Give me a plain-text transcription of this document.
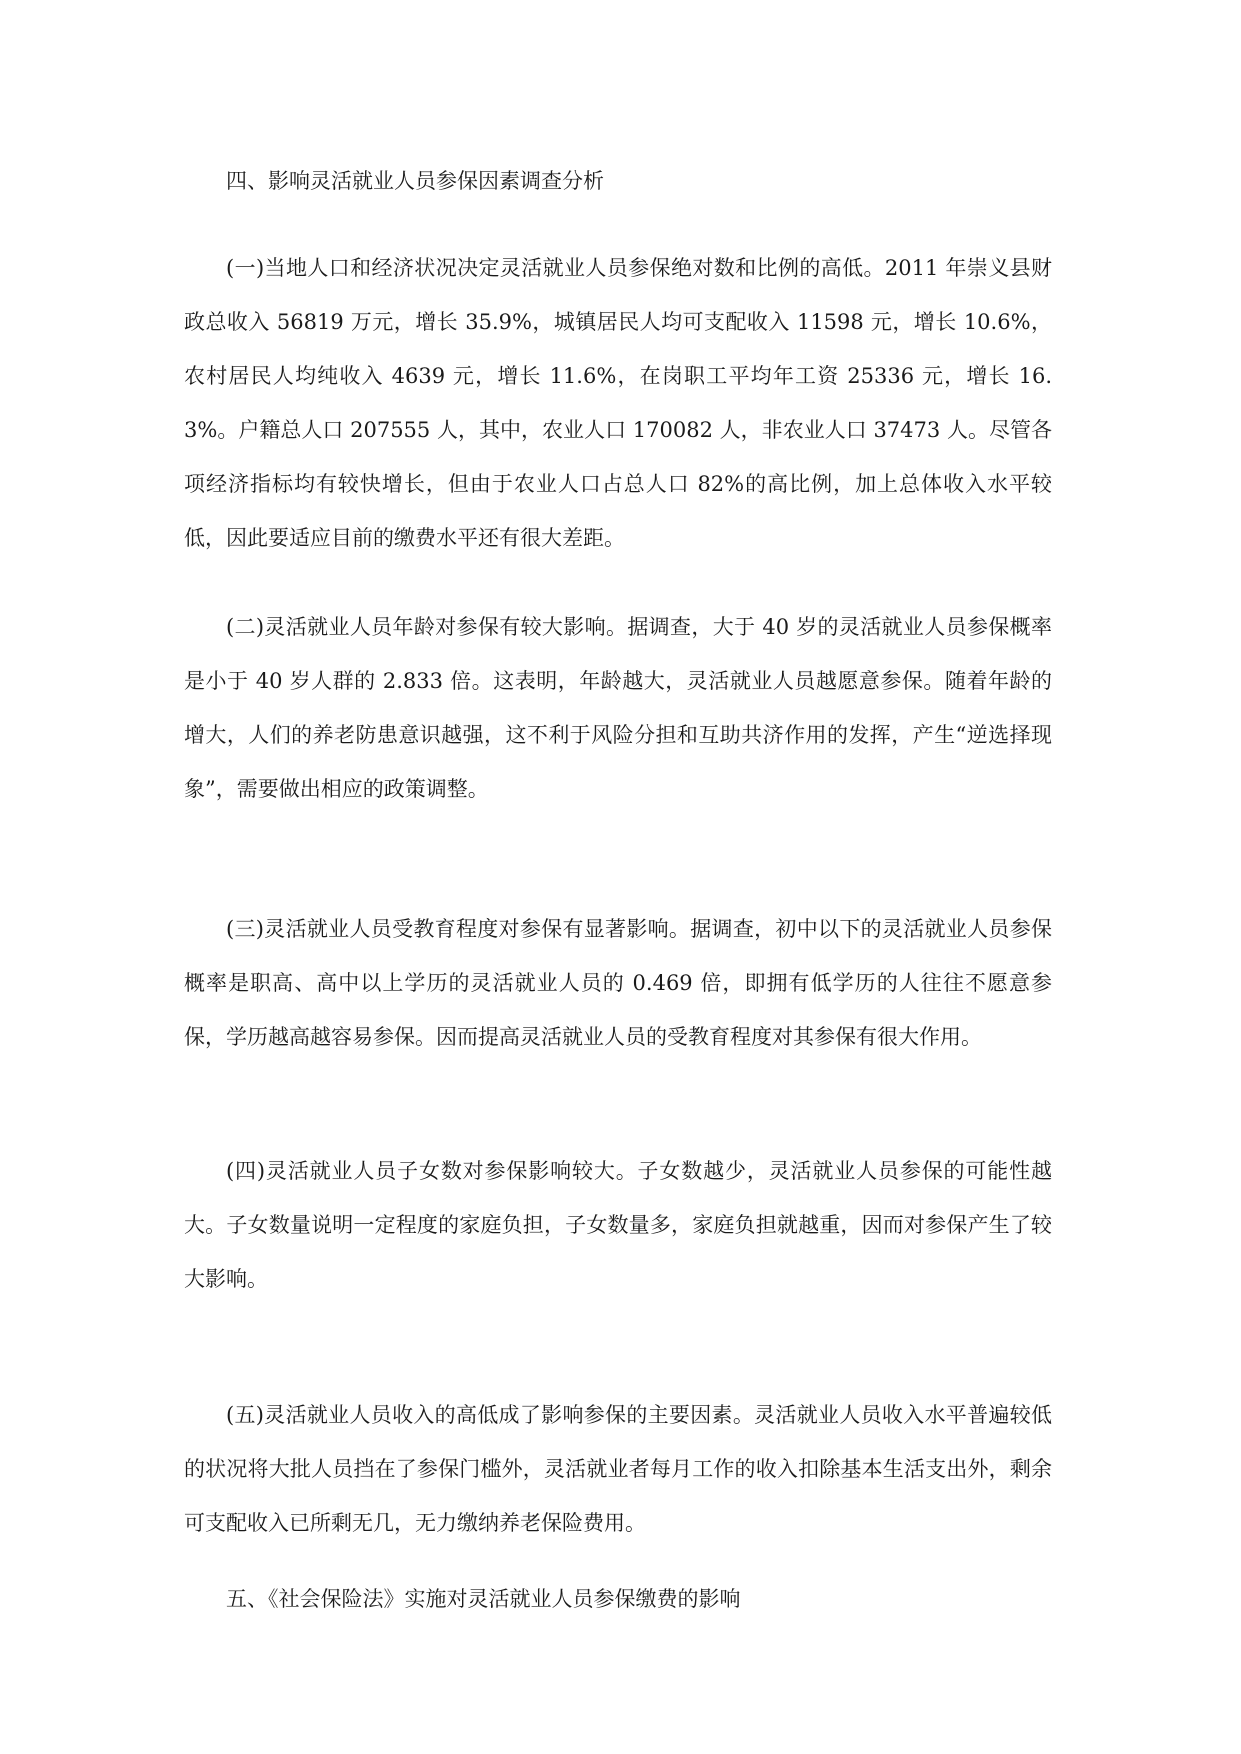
四、影响灵活就业人员参保因素调查分析

(一)当地人口和经济状况决定灵活就业人员参保绝对数和比例的高低。2011 年崇义县财政总收入 56819 万元，增长 35.9%，城镇居民人均可支配收入 11598 元，增长 10.6%，农村居民人均纯收入 4639 元，增长 11.6%，在岗职工平均年工资 25336 元，增长 16.3%。户籍总人口 207555 人，其中，农业人口 170082 人，非农业人口 37473 人。尽管各项经济指标均有较快增长，但由于农业人口占总人口 82%的高比例，加上总体收入水平较低，因此要适应目前的缴费水平还有很大差距。

(二)灵活就业人员年龄对参保有较大影响。据调查，大于 40 岁的灵活就业人员参保概率是小于 40 岁人群的 2.833 倍。这表明，年龄越大，灵活就业人员越愿意参保。随着年龄的增大，人们的养老防患意识越强，这不利于风险分担和互助共济作用的发挥，产生“逆选择现象”，需要做出相应的政策调整。

(三)灵活就业人员受教育程度对参保有显著影响。据调查，初中以下的灵活就业人员参保概率是职高、高中以上学历的灵活就业人员的 0.469 倍，即拥有低学历的人往往不愿意参保，学历越高越容易参保。因而提高灵活就业人员的受教育程度对其参保有很大作用。

(四)灵活就业人员子女数对参保影响较大。子女数越少，灵活就业人员参保的可能性越大。子女数量说明一定程度的家庭负担，子女数量多，家庭负担就越重，因而对参保产生了较大影响。

(五)灵活就业人员收入的高低成了影响参保的主要因素。灵活就业人员收入水平普遍较低的状况将大批人员挡在了参保门槛外，灵活就业者每月工作的收入扣除基本生活支出外，剩余可支配收入已所剩无几，无力缴纳养老保险费用。

五、《社会保险法》实施对灵活就业人员参保缴费的影响
